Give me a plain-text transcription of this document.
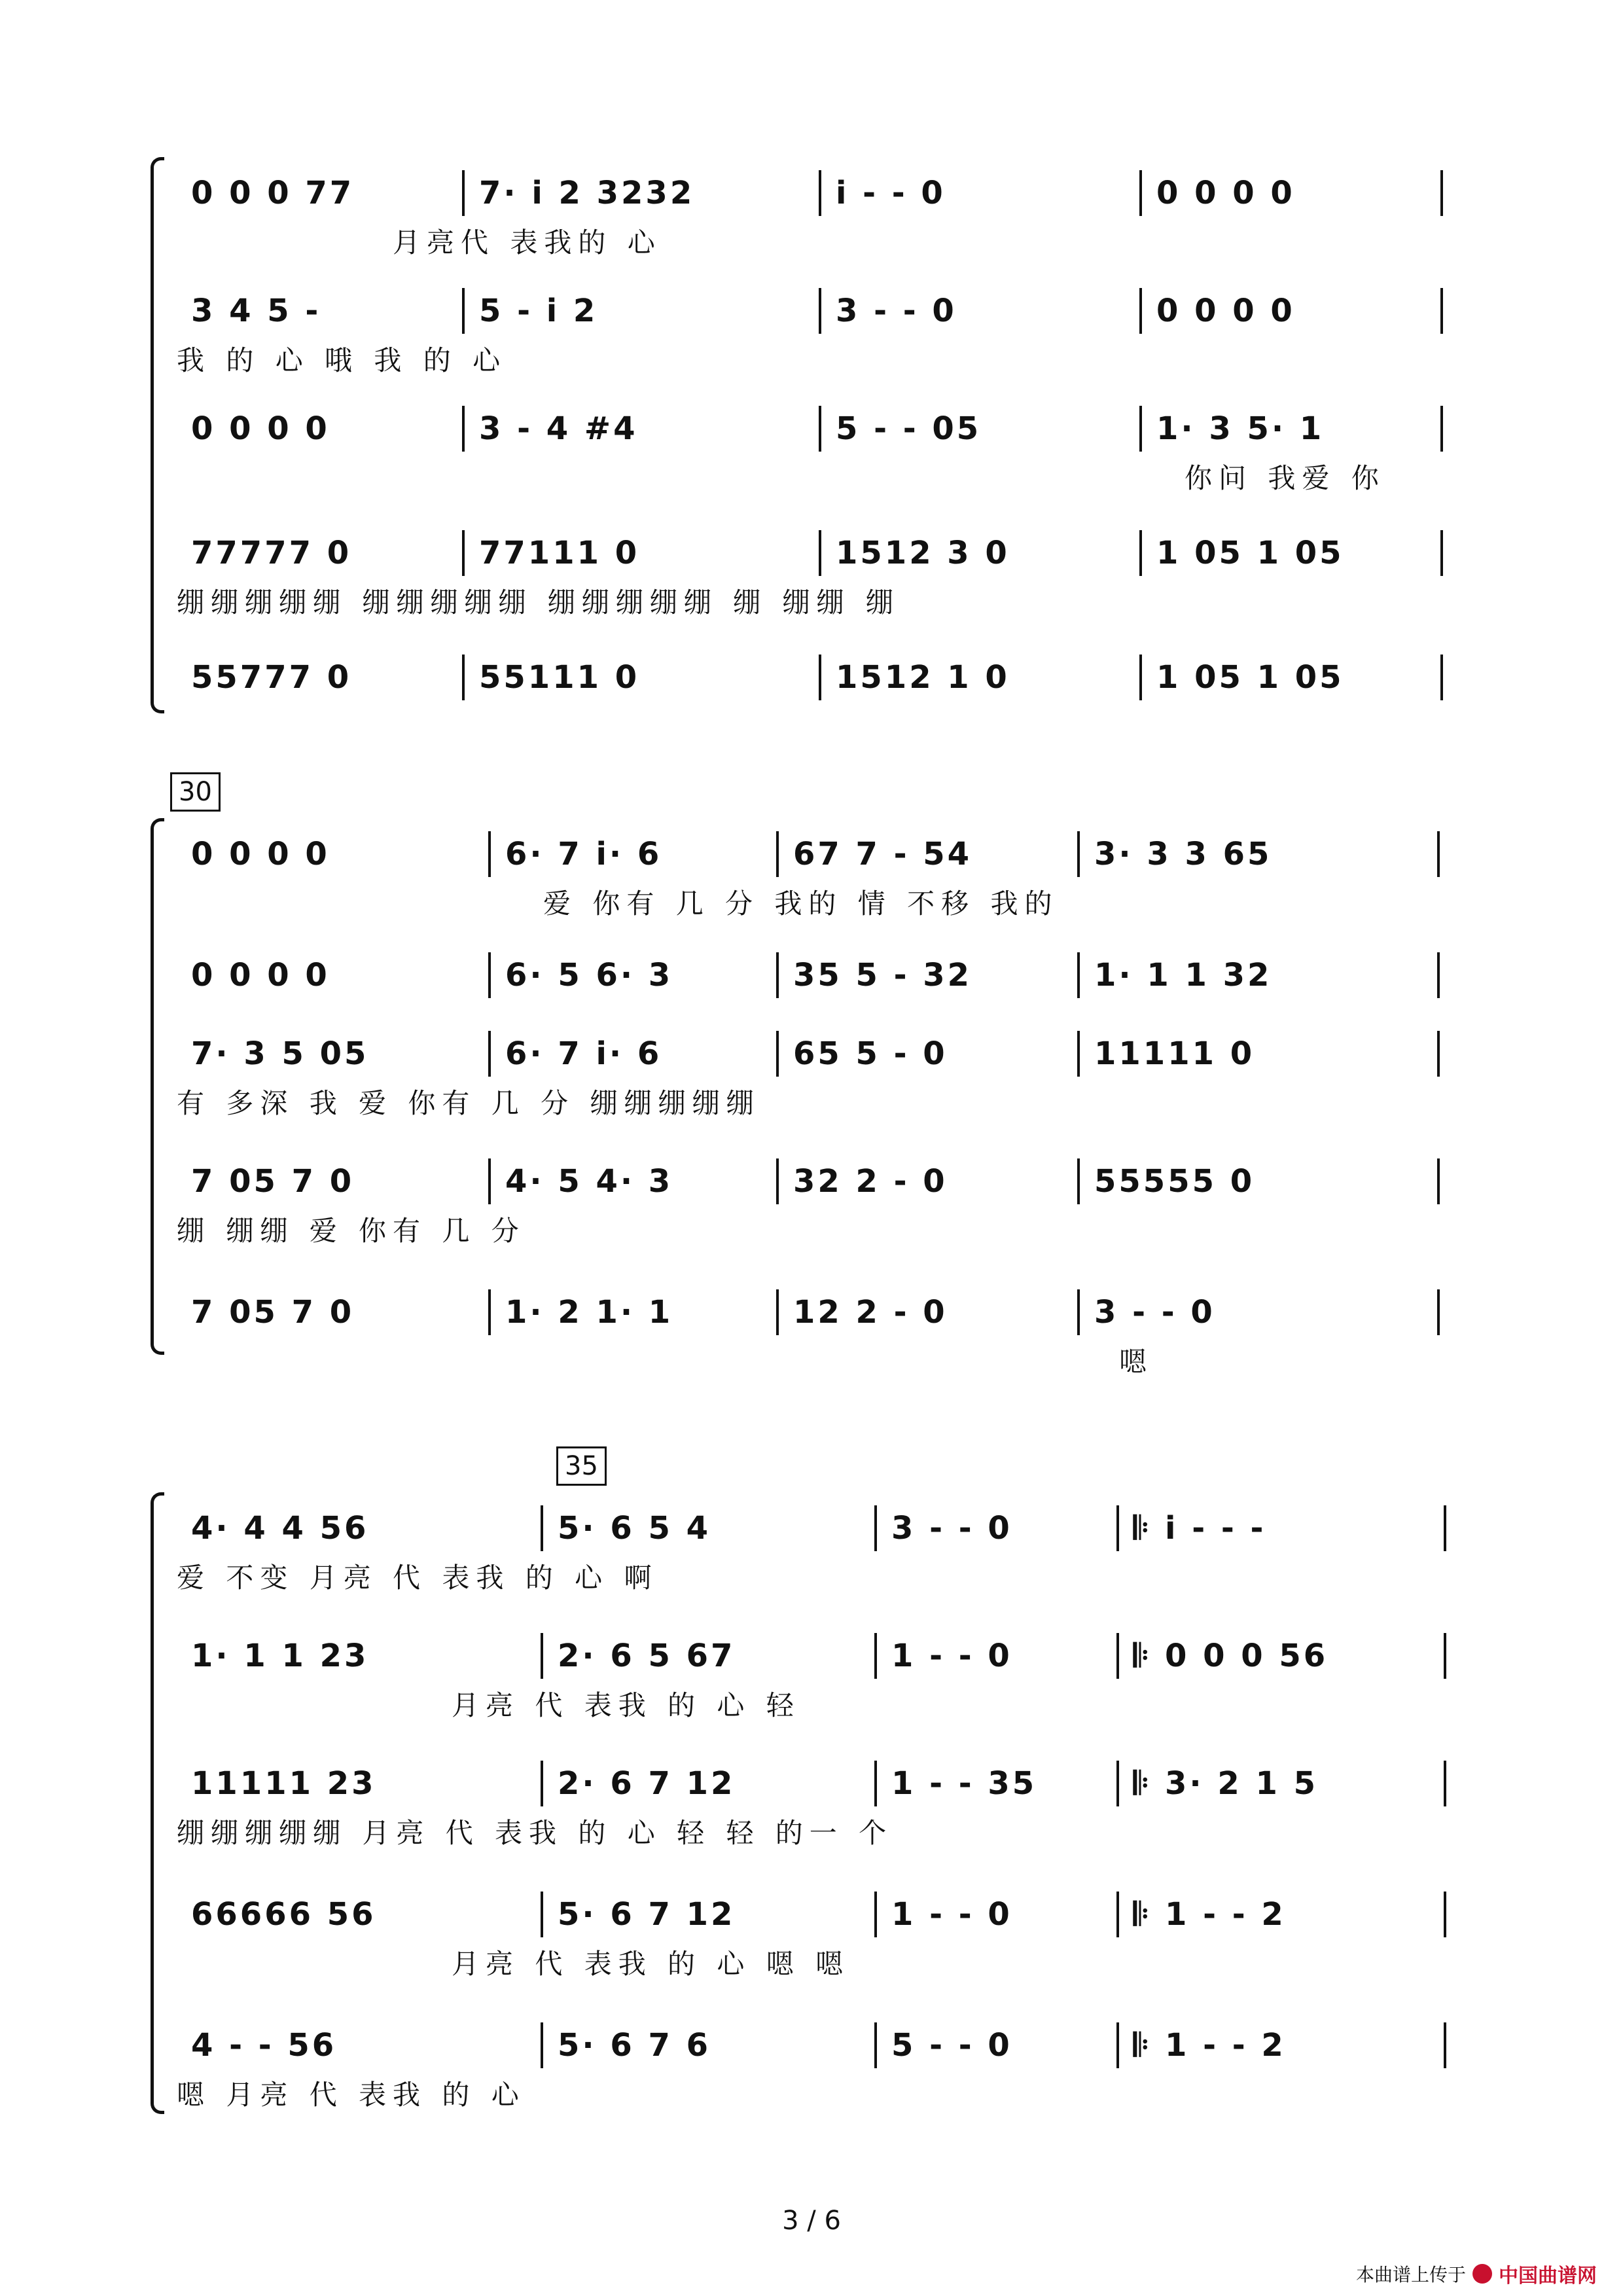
0 0 0 77	7· i 2 3232	i - - 0	0 0 0 0
月亮代 表我的 心
3 4 5 -	5 - i 2	3 - - 0	0 0 0 0
我 的 心 哦 我 的 心
0 0 0 0	3 - 4 #4	5 - - 05	1· 3 5· 1
你问 我爱 你
77777 0	77111 0	1512 3 0	1 05 1 05
绷绷绷绷绷 绷绷绷绷绷 绷绷绷绷绷 绷 绷绷 绷
55777 0	55111 0	1512 1 0	1 05 1 05
30
0 0 0 0	6· 7 i· 6	67 7 - 54	3· 3 3 65
爱 你有 几 分 我的 情 不移 我的
0 0 0 0	6· 5 6· 3	35 5 - 32	1· 1 1 32
7· 3 5 05	6· 7 i· 6	65 5 - 0	11111 0
有 多深 我 爱 你有 几 分 绷绷绷绷绷
7 05 7 0	4· 5 4· 3	32 2 - 0	55555 0
绷 绷绷 爱 你有 几 分
7 05 7 0	1· 2 1· 1	12 2 - 0	3 - - 0
嗯
35
4· 4 4 56	5· 6 5 4	3 - - 0	𝄆 i - - -
爱 不变 月亮 代 表我 的 心 啊
1· 1 1 23	2· 6 5 67	1 - - 0	𝄆 0 0 0 56
月亮 代 表我 的 心 轻
11111 23	2· 6 7 12	1 - - 35	𝄆 3· 2 1 5
绷绷绷绷绷 月亮 代 表我 的 心 轻 轻 的一 个
66666 56	5· 6 7 12	1 - - 0	𝄆 1 - - 2
月亮 代 表我 的 心 嗯 嗯
4 - - 56	5· 6 7 6	5 - - 0	𝄆 1 - - 2
嗯 月亮 代 表我 的 心
3 / 6
本曲谱上传于 中国曲谱网
